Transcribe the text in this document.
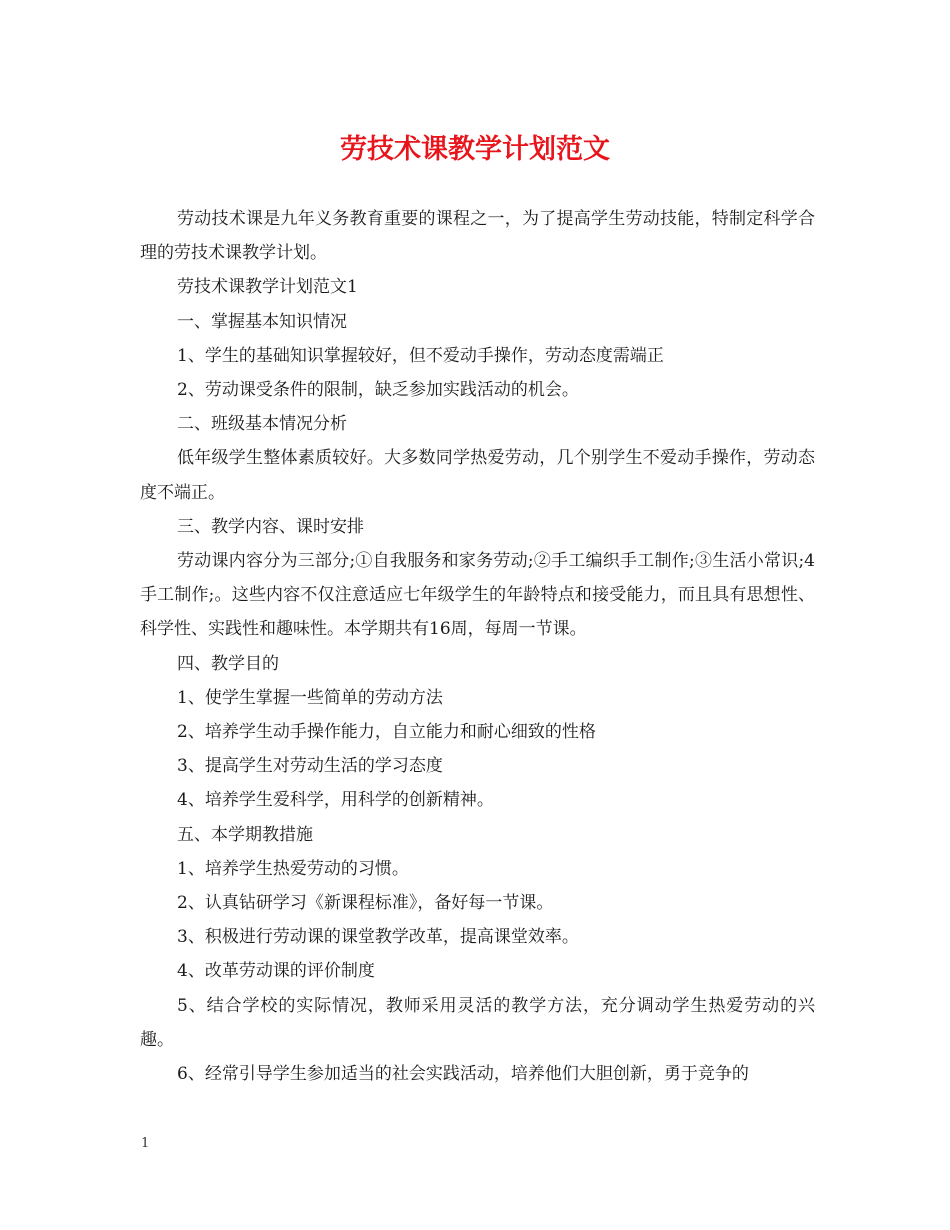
劳技术课教学计划范文

劳动技术课是九年义务教育重要的课程之一，为了提高学生劳动技能，特制定科学合理的劳技术课教学计划。

劳技术课教学计划范文1

一、掌握基本知识情况

1、学生的基础知识掌握较好，但不爱动手操作，劳动态度需端正

2、劳动课受条件的限制，缺乏参加实践活动的机会。

二、班级基本情况分析

低年级学生整体素质较好。大多数同学热爱劳动，几个别学生不爱动手操作，劳动态度不端正。

三、教学内容、课时安排

劳动课内容分为三部分;①自我服务和家务劳动;②手工编织手工制作;③生活小常识;4手工制作;。这些内容不仅注意适应七年级学生的年龄特点和接受能力，而且具有思想性、科学性、实践性和趣味性。本学期共有16周，每周一节课。

四、教学目的

1、使学生掌握一些简单的劳动方法

2、培养学生动手操作能力，自立能力和耐心细致的性格

3、提高学生对劳动生活的学习态度

4、培养学生爱科学，用科学的创新精神。

五、本学期教措施

1、培养学生热爱劳动的习惯。

2、认真钻研学习《新课程标准》，备好每一节课。

3、积极进行劳动课的课堂教学改革，提高课堂效率。

4、改革劳动课的评价制度

5、结合学校的实际情况，教师采用灵活的教学方法，充分调动学生热爱劳动的兴趣。

6、经常引导学生参加适当的社会实践活动，培养他们大胆创新，勇于竞争的

1
